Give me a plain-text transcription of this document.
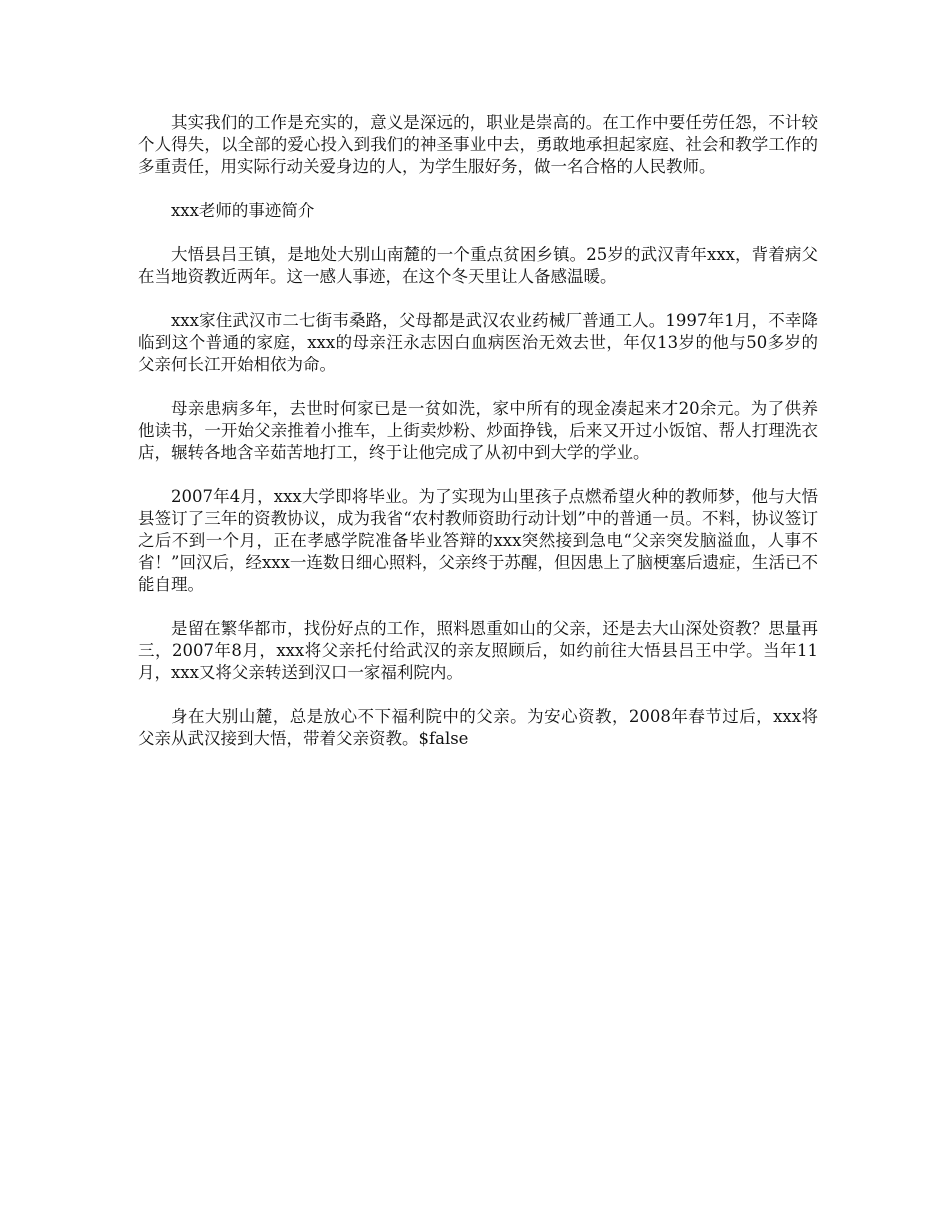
其实我们的工作是充实的，意义是深远的，职业是崇高的。在工作中要任劳任怨，不计较个人得失，以全部的爱心投入到我们的神圣事业中去，勇敢地承担起家庭、社会和教学工作的多重责任，用实际行动关爱身边的人，为学生服好务，做一名合格的人民教师。

xxx老师的事迹简介

大悟县吕王镇，是地处大别山南麓的一个重点贫困乡镇。25岁的武汉青年xxx，背着病父在当地资教近两年。这一感人事迹，在这个冬天里让人备感温暖。

xxx家住武汉市二七街韦桑路，父母都是武汉农业药械厂普通工人。1997年1月，不幸降临到这个普通的家庭，xxx的母亲汪永志因白血病医治无效去世，年仅13岁的他与50多岁的父亲何长江开始相依为命。

母亲患病多年，去世时何家已是一贫如洗，家中所有的现金凑起来才20余元。为了供养他读书，一开始父亲推着小推车，上街卖炒粉、炒面挣钱，后来又开过小饭馆、帮人打理洗衣店，辗转各地含辛茹苦地打工，终于让他完成了从初中到大学的学业。

2007年4月，xxx大学即将毕业。为了实现为山里孩子点燃希望火种的教师梦，他与大悟县签订了三年的资教协议，成为我省“农村教师资助行动计划”中的普通一员。不料，协议签订之后不到一个月，正在孝感学院准备毕业答辩的xxx突然接到急电“父亲突发脑溢血，人事不省！”回汉后，经xxx一连数日细心照料，父亲终于苏醒，但因患上了脑梗塞后遗症，生活已不能自理。

是留在繁华都市，找份好点的工作，照料恩重如山的父亲，还是去大山深处资教？思量再三，2007年8月，xxx将父亲托付给武汉的亲友照顾后，如约前往大悟县吕王中学。当年11月，xxx又将父亲转送到汉口一家福利院内。

身在大别山麓，总是放心不下福利院中的父亲。为安心资教，2008年春节过后，xxx将父亲从武汉接到大悟，带着父亲资教。$false
